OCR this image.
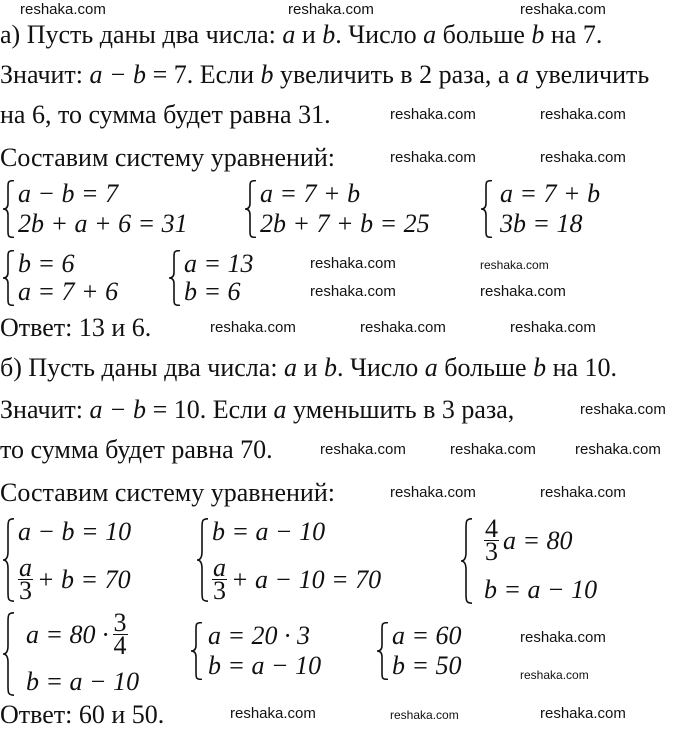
а) Пусть даны два числа: a и b. Число a больше b на 7.
Значит: a − b = 7. Если b увеличить в 2 раза, а a увеличить
на 6, то сумма будет равна 31.
Составим систему уравнений:
a − b = 7
2b + a + 6 = 31
a = 7 + b
2b + 7 + b = 25
a = 7 + b
3b = 18
b = 6
a = 7 + 6
a = 13
b = 6
Ответ: 13 и 6.
б) Пусть даны два числа: a и b. Число a больше b на 10.
Значит: a − b = 10. Если a уменьшить в 3 раза,
то сумма будет равна 70.
Составим систему уравнений:
a − b = 10
$\frac{a}{3} + b = 70$
b = a − 10
$\frac{a}{3} + a - 10 = 70$
$\frac{4}{3}$ a = 80
b = a − 10
$a = 80 \cdot \frac{3}{4}$
b = a − 10
a = 20 · 3
b = a − 10
a = 60
b = 50
Ответ: 60 и 50.
reshaka.com	reshaka.com	reshaka.com
reshaka.com	reshaka.com
reshaka.com	reshaka.com
reshaka.com	reshaka.com
reshaka.com	reshaka.com
reshaka.com	reshaka.com	reshaka.com
reshaka.com
reshaka.com	reshaka.com	reshaka.com
reshaka.com	reshaka.com
reshaka.com
reshaka.com
reshaka.com	reshaka.com	reshaka.com
